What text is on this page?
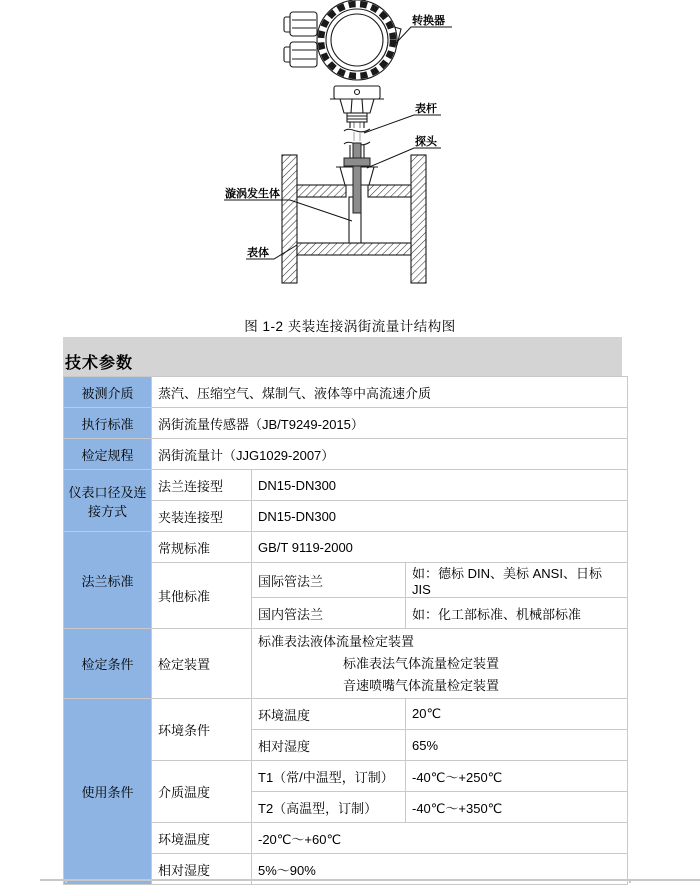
转换器
表杆
探头
漩涡发生体
表体
图 1-2 夹装连接涡街流量计结构图
技术参数
被测介质	蒸汽、压缩空气、煤制气、液体等中高流速介质		
执行标准	涡街流量传感器（JB/T9249-2015）		
检定规程	涡街流量计（JJG1029-2007）		
仪表口径及连接方式	法兰连接型	DN15-DN300	
	夹装连接型	DN15-DN300	
法兰标准	常规标准	GB/T 9119-2000	
	其他标准	国际管法兰	如：德标 DIN、美标 ANSI、日标 JIS
		国内管法兰	如：化工部标准、机械部标准
检定条件	检定装置	标准表法液体流量检定装置
标准表法气体流量检定装置
音速喷嘴气体流量检定装置	

使用条件	环境条件	环境温度	20℃
		相对湿度	65%
	介质温度	T1（常/中温型，订制）	-40℃～+250℃
		T2（高温型，订制）	-40℃～+350℃
	环境温度	-20℃～+60℃	
	相对湿度	5%～90%	
